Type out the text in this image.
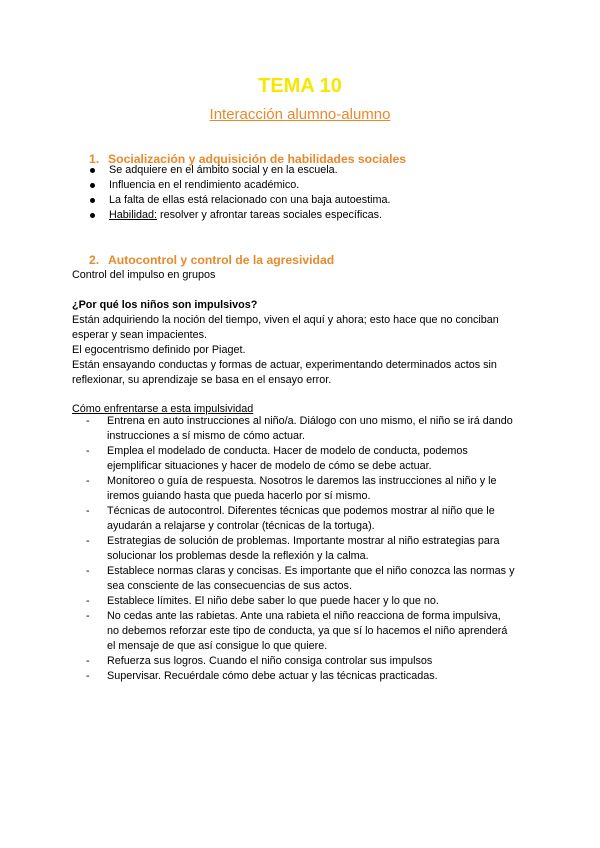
TEMA 10
Interacción alumno-alumno
1. Socialización y adquisición de habilidades sociales
Se adquiere en el ámbito social y en la escuela.
Influencia en el rendimiento académico.
La falta de ellas está relacionado con una baja autoestima.
Habilidad: resolver y afrontar tareas sociales específicas.
2. Autocontrol y control de la agresividad
Control del impulso en grupos
¿Por qué los niños son impulsivos?
Están adquiriendo la noción del tiempo, viven el aquí y ahora; esto hace que no conciban
esperar y sean impacientes.
El egocentrismo definido por Piaget.
Están ensayando conductas y formas de actuar, experimentando determinados actos sin
reflexionar, su aprendizaje se basa en el ensayo error.
Cómo enfrentarse a esta impulsividad
- Entrena en auto instrucciones al niño/a. Diálogo con uno mismo, el niño se irá dando
instrucciones a sí mismo de cómo actuar.
- Emplea el modelado de conducta. Hacer de modelo de conducta, podemos
ejemplificar situaciones y hacer de modelo de cómo se debe actuar.
- Monitoreo o guía de respuesta. Nosotros le daremos las instrucciones al niño y le
iremos guiando hasta que pueda hacerlo por sí mismo.
- Técnicas de autocontrol. Diferentes técnicas que podemos mostrar al niño que le
ayudarán a relajarse y controlar (técnicas de la tortuga).
- Estrategias de solución de problemas. Importante mostrar al niño estrategias para
solucionar los problemas desde la reflexión y la calma.
- Establece normas claras y concisas. Es importante que el niño conozca las normas y
sea consciente de las consecuencias de sus actos.
- Establece límites. El niño debe saber lo que puede hacer y lo que no.
- No cedas ante las rabietas. Ante una rabieta el niño reacciona de forma impulsiva,
no debemos reforzar este tipo de conducta, ya que sí lo hacemos el niño aprenderá
el mensaje de que así consigue lo que quiere.
- Refuerza sus logros. Cuando el niño consiga controlar sus impulsos
- Supervisar. Recuérdale cómo debe actuar y las técnicas practicadas.
